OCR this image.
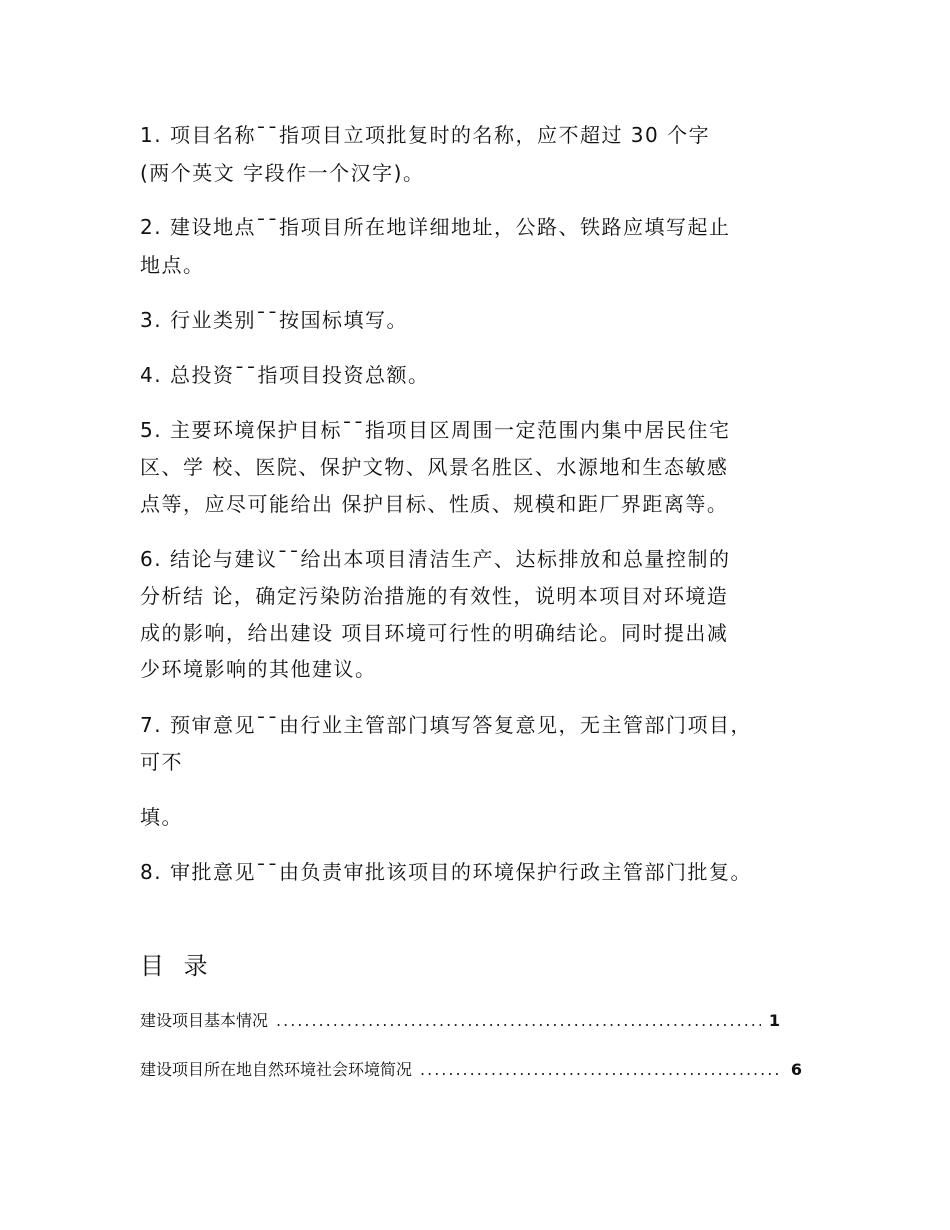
1. 项目名称¯¯指项目立项批复时的名称，应不超过 30 个字
(两个英文 字段作一个汉字)。
2. 建设地点¯¯指项目所在地详细地址，公路、铁路应填写起止
地点。
3. 行业类别¯¯按国标填写。
4. 总投资¯¯指项目投资总额。
5. 主要环境保护目标¯¯指项目区周围一定范围内集中居民住宅
区、学 校、医院、保护文物、风景名胜区、水源地和生态敏感
点等，应尽可能给出 保护目标、性质、规模和距厂界距离等。
6. 结论与建议¯¯给出本项目清洁生产、达标排放和总量控制的
分析结 论，确定污染防治措施的有效性，说明本项目对环境造
成的影响，给出建设 项目环境可行性的明确结论。同时提出减
少环境影响的其他建议。
7. 预审意见¯¯由行业主管部门填写答复意见，无主管部门项目，
可不
填。
8. 审批意见¯¯由负责审批该项目的环境保护行政主管部门批复。
目 录
建设项目基本情况 .....	1
建设项目所在地自然环境社会环境简况 .....	6
